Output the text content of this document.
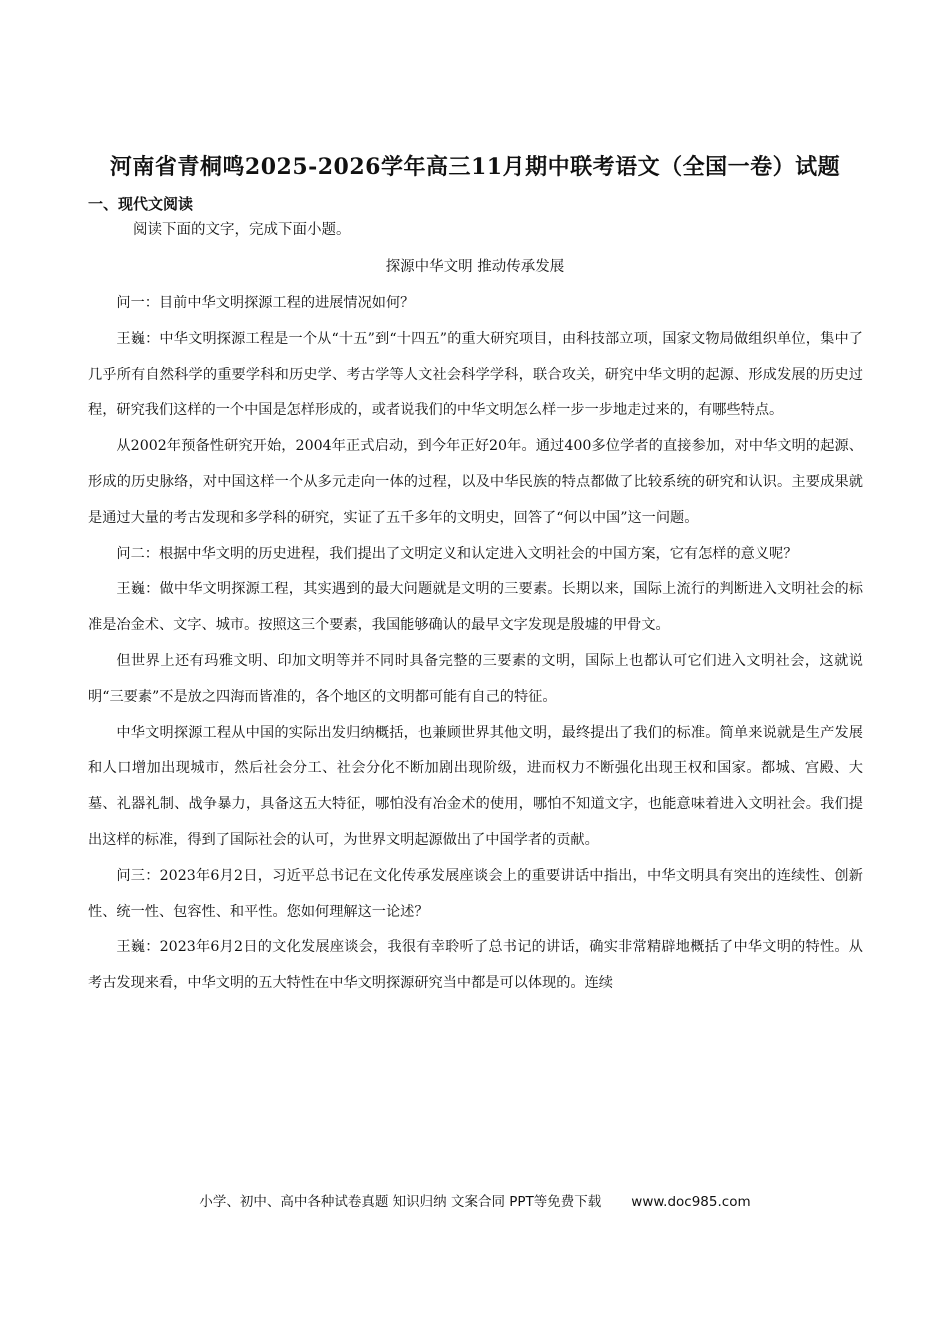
河南省青桐鸣2025-2026学年高三11月期中联考语文（全国一卷）试题
一、现代文阅读
阅读下面的文字，完成下面小题。
探源中华文明 推动传承发展

问一：目前中华文明探源工程的进展情况如何？

王巍：中华文明探源工程是一个从“十五”到“十四五”的重大研究项目，由科技部立项，国家文物局做组织单位，集中了几乎所有自然科学的重要学科和历史学、考古学等人文社会科学学科，联合攻关，研究中华文明的起源、形成发展的历史过程，研究我们这样的一个中国是怎样形成的，或者说我们的中华文明怎么样一步一步地走过来的，有哪些特点。

从2002年预备性研究开始，2004年正式启动，到今年正好20年。通过400多位学者的直接参加，对中华文明的起源、形成的历史脉络，对中国这样一个从多元走向一体的过程，以及中华民族的特点都做了比较系统的研究和认识。主要成果就是通过大量的考古发现和多学科的研究，实证了五千多年的文明史，回答了“何以中国”这一问题。

问二：根据中华文明的历史进程，我们提出了文明定义和认定进入文明社会的中国方案，它有怎样的意义呢？

王巍：做中华文明探源工程，其实遇到的最大问题就是文明的三要素。长期以来，国际上流行的判断进入文明社会的标准是冶金术、文字、城市。按照这三个要素，我国能够确认的最早文字发现是殷墟的甲骨文。

但世界上还有玛雅文明、印加文明等并不同时具备完整的三要素的文明，国际上也都认可它们进入文明社会，这就说明“三要素”不是放之四海而皆准的，各个地区的文明都可能有自己的特征。

中华文明探源工程从中国的实际出发归纳概括，也兼顾世界其他文明，最终提出了我们的标准。简单来说就是生产发展和人口增加出现城市，然后社会分工、社会分化不断加剧出现阶级，进而权力不断强化出现王权和国家。都城、宫殿、大墓、礼器礼制、战争暴力，具备这五大特征，哪怕没有冶金术的使用，哪怕不知道文字，也能意味着进入文明社会。我们提出这样的标准，得到了国际社会的认可，为世界文明起源做出了中国学者的贡献。

问三：2023年6月2日，习近平总书记在文化传承发展座谈会上的重要讲话中指出，中华文明具有突出的连续性、创新性、统一性、包容性、和平性。您如何理解这一论述？

王巍：2023年6月2日的文化发展座谈会，我很有幸聆听了总书记的讲话，确实非常精辟地概括了中华文明的特性。从考古发现来看，中华文明的五大特性在中华文明探源研究当中都是可以体现的。连续

小学、初中、高中各种试卷真题 知识归纳 文案合同 PPT等免费下载 www.doc985.com
